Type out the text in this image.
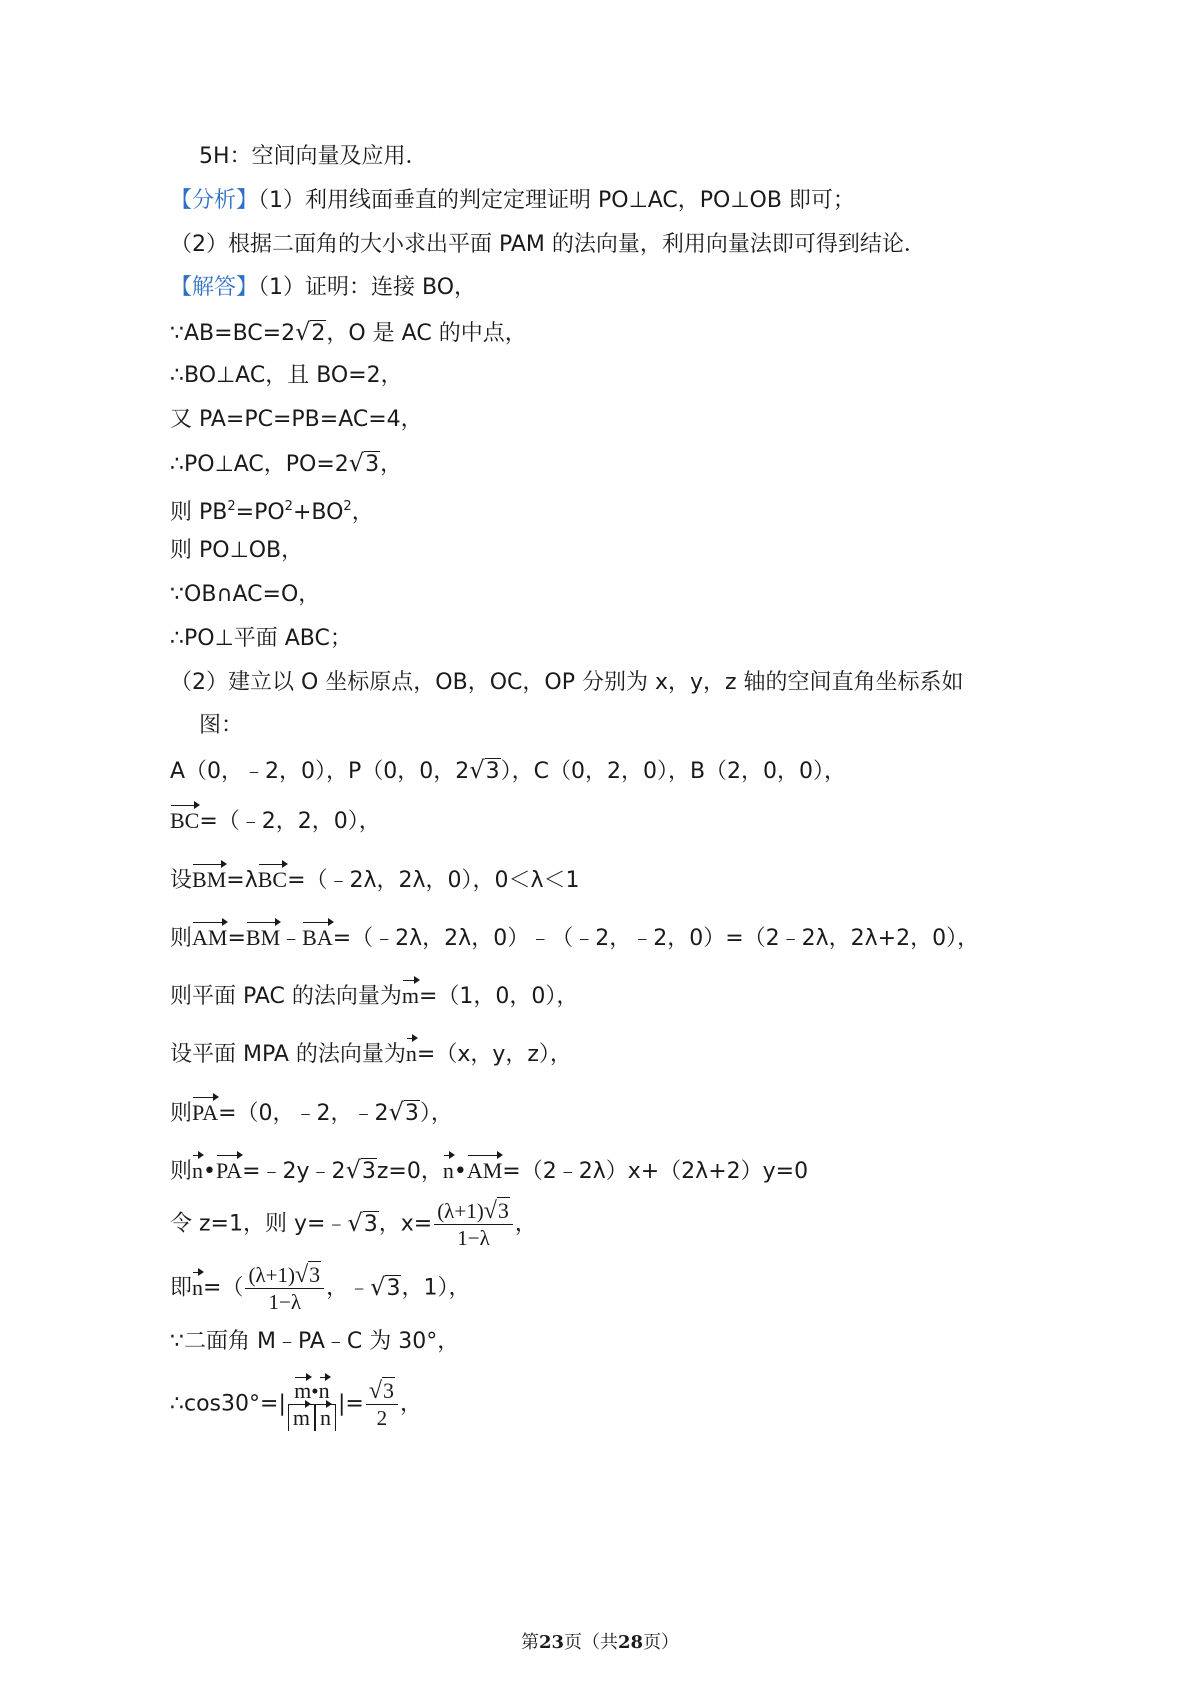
5H：空间向量及应用．
【分析】（1）利用线面垂直的判定定理证明 PO⊥AC，PO⊥OB 即可；
（2）根据二面角的大小求出平面 PAM 的法向量，利用向量法即可得到结论．
【解答】（1）证明：连接 BO，
∵AB=BC=2√2，O 是 AC 的中点，
∴BO⊥AC，且 BO=2，
又 PA=PC=PB=AC=4，
∴PO⊥AC，PO=2√3，
则 $PB^2=PO^2+BO^2$，
则 PO⊥OB，
∵OB∩AC=O，
∴PO⊥平面 ABC；
（2）建立以 O 坐标原点，OB，OC，OP 分别为 x，y，z 轴的空间直角坐标系如
图：
A（0，﹣2，0），P（0，0，2√3），C（0，2，0），B（2，0，0），
BC=（﹣2，2，0），
设BM=λBC=（﹣2λ，2λ，0），0＜λ＜1
则AM=BM﹣BA=（﹣2λ，2λ，0）﹣（﹣2，﹣2，0）=（2﹣2λ，2λ+2，0），
则平面 PAC 的法向量为m=（1，0，0），
设平面 MPA 的法向量为n=（x，y，z），
则PA=（0，﹣2，﹣2√3），
则n•PA=﹣2y﹣2√3z=0，n•AM=（2﹣2λ）x+（2λ+2）y=0
令 z=1，则 y=﹣√3，$x= \frac{(\lambda+1)√3}{1-\lambda}$ ，
即$n=( \frac{(\lambda+1)√3}{1-\lambda}$ ，﹣√3，1），
∵二面角 M﹣PA﹣C 为 30°，
∴cos30°=| $\frac{m•n}{\text{m n}}$ |= $\frac{√3}{2}$ ，
第23页（共28页）
